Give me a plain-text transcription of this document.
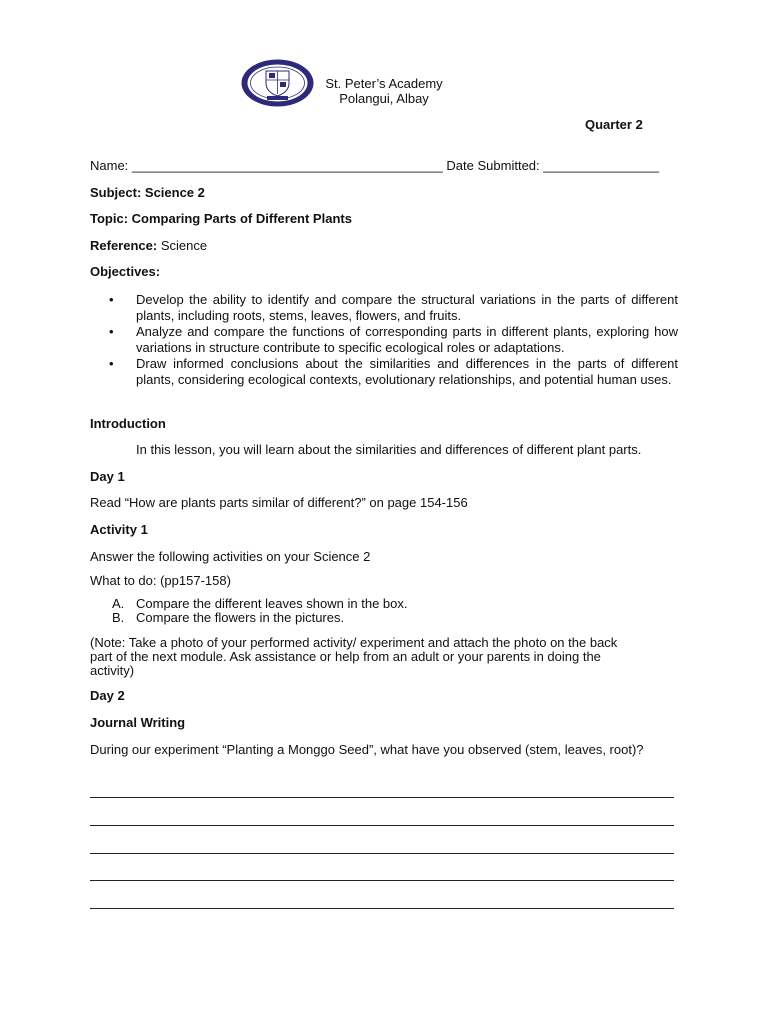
St. Peter’s Academy
Polangui, Albay
Quarter 2
Name: ___________________________________________ Date Submitted: ________________
Subject: Science 2
Topic: Comparing Parts of Different Plants
Reference: Science
Objectives:
• Develop the ability to identify and compare the structural variations in the parts of different plants, including roots, stems, leaves, flowers, and fruits.
• Analyze and compare the functions of corresponding parts in different plants, exploring how variations in structure contribute to specific ecological roles or adaptations.
• Draw informed conclusions about the similarities and differences in the parts of different plants, considering ecological contexts, evolutionary relationships, and potential human uses.
Introduction
In this lesson, you will learn about the similarities and differences of different plant parts.
Day 1
Read “How are plants parts similar of different?” on page 154-156
Activity 1
Answer the following activities on your Science 2
What to do: (pp157-158)
A. Compare the different leaves shown in the box.
B. Compare the flowers in the pictures.
(Note: Take a photo of your performed activity/ experiment and attach the photo on the back part of the next module. Ask assistance or help from an adult or your parents in doing the activity)
Day 2
Journal Writing
During our experiment “Planting a Monggo Seed”, what have you observed (stem, leaves, root)?
